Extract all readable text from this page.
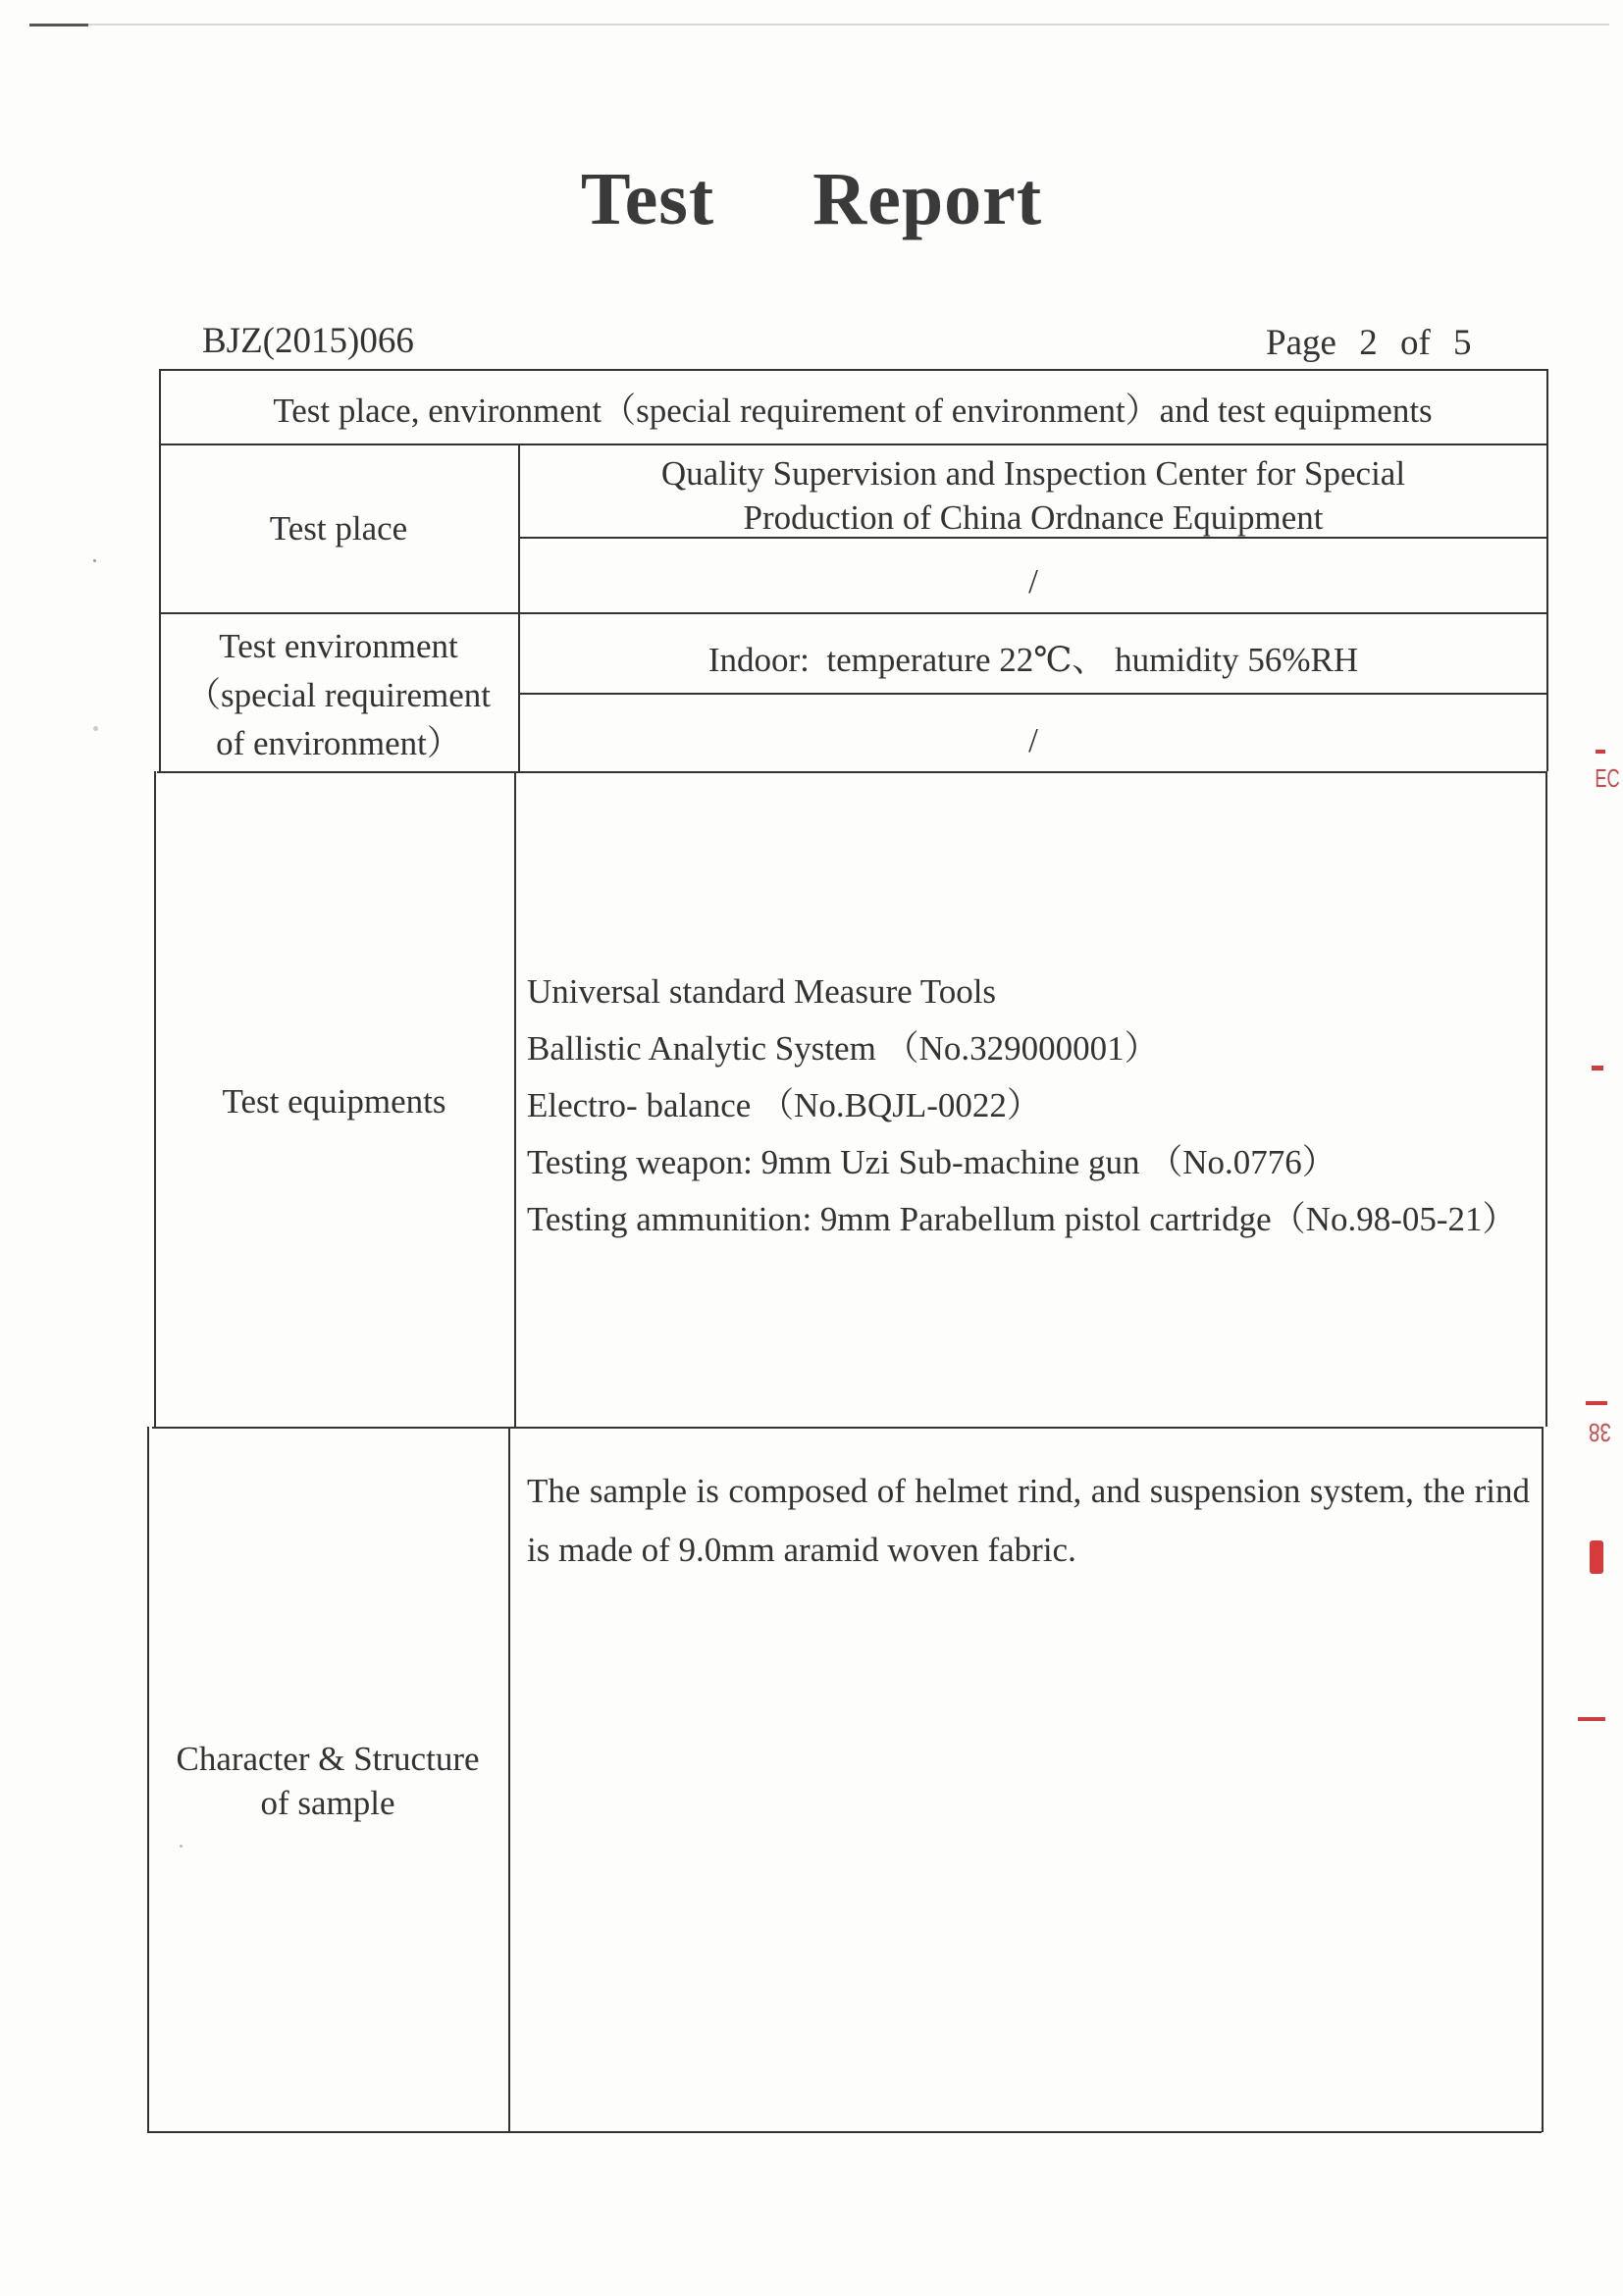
Test Report
BJZ(2015)066	Page 2 of 5
Test place, environment（special requirement of environment）and test equipments
Test place
Quality Supervision and Inspection Center for Special
Production of China Ordnance Equipment
/
Test environment
（special requirement
of environment）
Indoor:  temperature 22℃、 humidity 56%RH
/
Test equipments
Universal standard Measure Tools
Ballistic Analytic System （No.329000001）
Electro- balance （No.BQJL-0022）
Testing weapon: 9mm Uzi Sub-machine gun （No.0776）
Testing ammunition: 9mm Parabellum pistol cartridge（No.98-05-21）
Character & Structure
of sample
The sample is composed of helmet rind, and suspension system, the rind is made of 9.0mm aramid woven fabric.
EC
38
